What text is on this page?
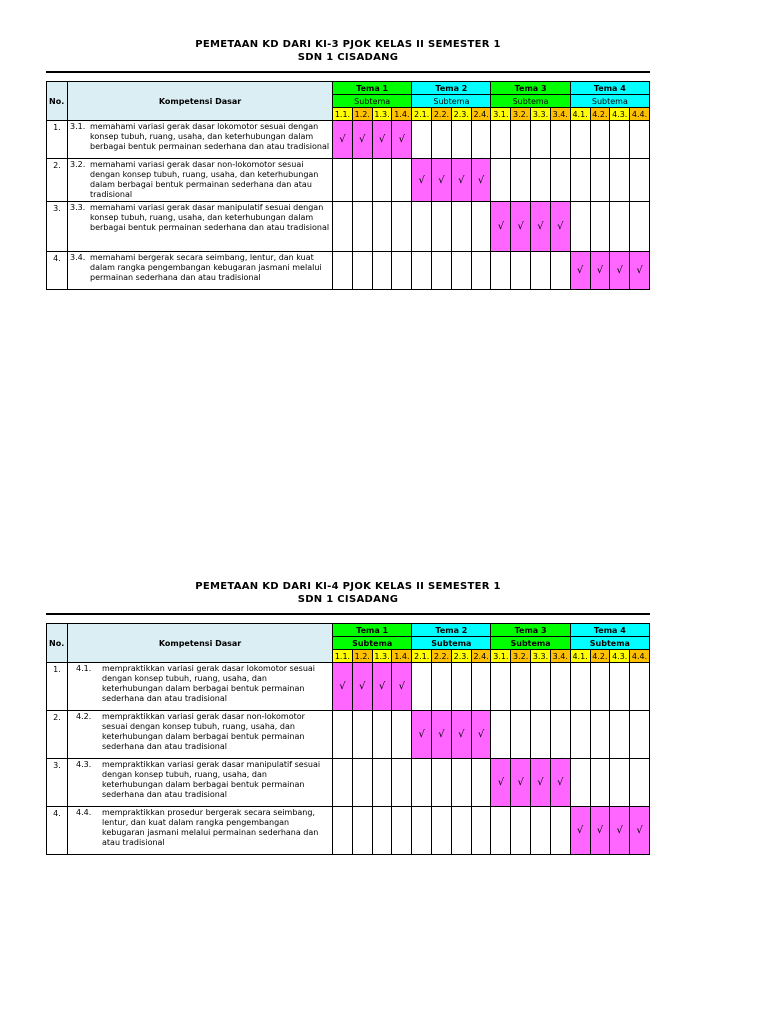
PEMETAAN KD DARI KI-3 PJOK KELAS II SEMESTER 1

SDN 1 CISADANG

No.	Kompetensi Dasar	Tema 1				Tema 2				Tema 3				Tema 4			
		Subtema				Subtema				Subtema				Subtema			
		1.1.	1.2.	1.3.	1.4.	2.1.	2.2.	2.3.	2.4.	3.1.	3.2.	3.3.	3.4.	4.1.	4.2.	4.3.	4.4.
1.	3.1. memahami variasi gerak dasar lokomotor sesuai dengan konsep tubuh, ruang, usaha, dan keterhubungan dalam berbagai bentuk permainan sederhana dan atau tradisional	√	√	√	√												
2.	3.2. memahami variasi gerak dasar non-lokomotor sesuai dengan konsep tubuh, ruang, usaha, dan keterhubungan dalam berbagai bentuk permainan sederhana dan atau tradisional					√	√	√	√								
3.	3.3. memahami variasi gerak dasar manipulatif sesuai dengan konsep tubuh, ruang, usaha, dan keterhubungan dalam berbagai bentuk permainan sederhana dan atau tradisional									√	√	√	√				
4.	3.4. memahami bergerak secara seimbang, lentur, dan kuat dalam rangka pengembangan kebugaran jasmani melalui permainan sederhana dan atau tradisional													√	√	√	√

PEMETAAN KD DARI KI-4 PJOK KELAS II SEMESTER 1

SDN 1 CISADANG

No.	Kompetensi Dasar	Tema 1				Tema 2				Tema 3				Tema 4			
		Subtema				Subtema				Subtema				Subtema			
		1.1.	1.2.	1.3.	1.4.	2.1.	2.2.	2.3.	2.4.	3.1.	3.2.	3.3.	3.4.	4.1.	4.2.	4.3.	4.4.
1.	4.1. mempraktikkan variasi gerak dasar lokomotor sesuai dengan konsep tubuh, ruang, usaha, dan keterhubungan dalam berbagai bentuk permainan sederhana dan atau tradisional	√	√	√	√												
2.	4.2. mempraktikkan variasi gerak dasar non-lokomotor sesuai dengan konsep tubuh, ruang, usaha, dan keterhubungan dalam berbagai bentuk permainan sederhana dan atau tradisional					√	√	√	√								
3.	4.3. mempraktikkan variasi gerak dasar manipulatif sesuai dengan konsep tubuh, ruang, usaha, dan keterhubungan dalam berbagai bentuk permainan sederhana dan atau tradisional									√	√	√	√				
4.	4.4. mempraktikkan prosedur bergerak secara seimbang, lentur, dan kuat dalam rangka pengembangan kebugaran jasmani melalui permainan sederhana dan atau tradisional													√	√	√	√
